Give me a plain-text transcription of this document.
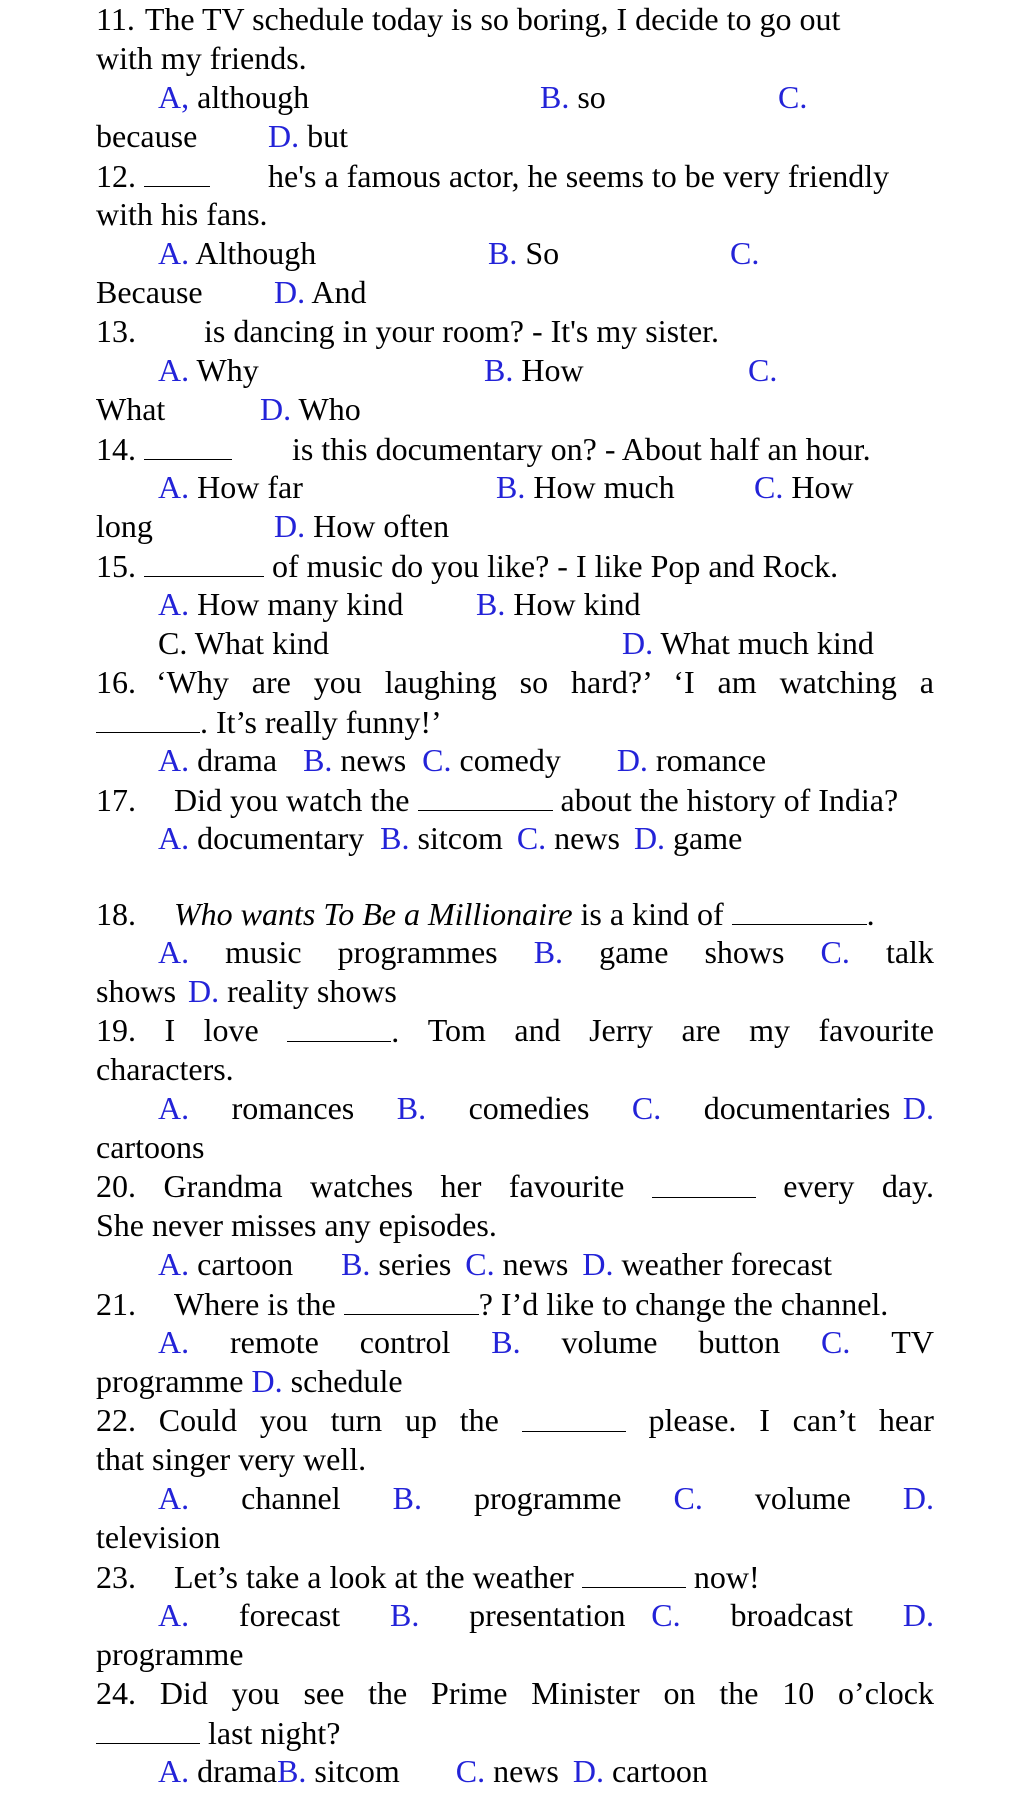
11. The TV schedule today is so boring, I decide to go out
with my friends.
A, although	B. so	C.
because D. but
12.	he's a famous actor, he seems to be very friendly
with his fans.
A. Although	B. So	C.
Because D. And
13. is dancing in your room? - It's my sister.
A. Why	B. How	C.
What	D. Who
14.	is this documentary on? - About half an hour.
A. How far	B. How much C. How
long	D. How often
15.	of music do you like? - I like Pop and Rock.
A. How many kind B. How kind
C. What kind	D. What much kind
16. ‘Why are you laughing so hard?’ ‘I am watching a
. It’s really funny!’
A. drama B. news C. comedy D. romance
17. Did you watch the	about the history of India?
A. documentary B. sitcom C. news D. game
18. Who wants To Be a Millionaire is a kind of	.
A. music programmes B. game shows C. talk
shows D. reality shows
19. I love	. Tom and Jerry are my favourite
characters.
A. romances B. comedies C. documentaries D.
cartoons
20. Grandma watches her favourite	every day.
She never misses any episodes.
A. cartoon B. series C. news D. weather forecast
21. Where is the	? I’d like to change the channel.
A. remote control B. volume button C. TV
programme D. schedule
22. Could you turn up the	please. I can’t hear
that singer very well.
A. channel B. programme C. volume D.
television
23. Let’s take a look at the weather	now!
A. forecast B. presentation C. broadcast D.
programme
24. Did you see the Prime Minister on the 10 o’clock
last night?
A. dramaB. sitcom C. news D. cartoon
